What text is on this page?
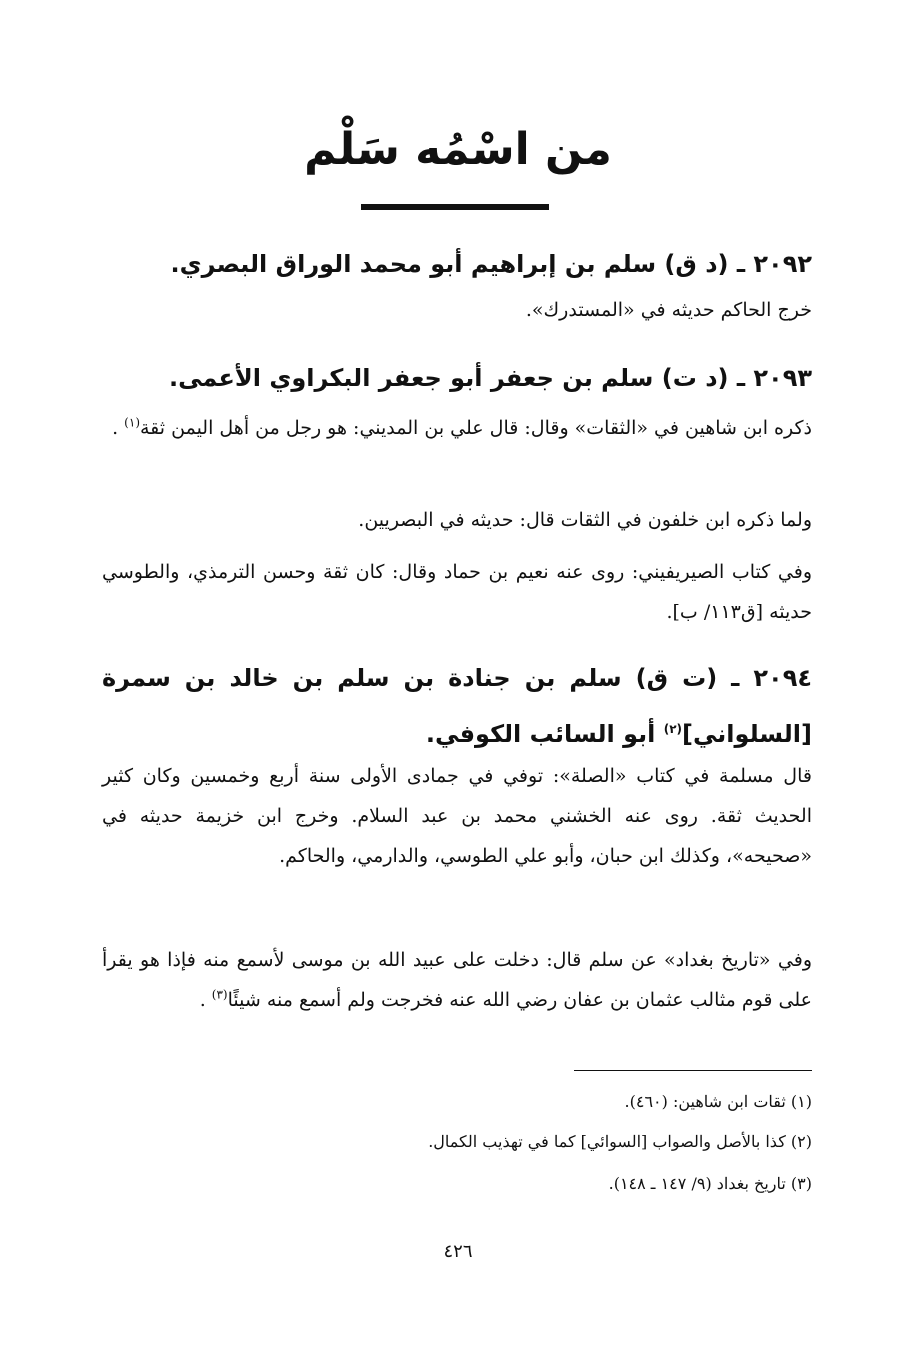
من اسْمُه سَلْم
٢٠٩٢ ـ (د ق) سلم بن إبراهيم أبو محمد الوراق البصري.
خرج الحاكم حديثه في «المستدرك».
٢٠٩٣ ـ (د ت) سلم بن جعفر أبو جعفر البكراوي الأعمى.
ذكره ابن شاهين في «الثقات» وقال: قال علي بن المديني: هو رجل من أهل اليمن ثقة$^{(١)}$ .
ولما ذكره ابن خلفون في الثقات قال: حديثه في البصريين.
وفي كتاب الصيريفيني: روى عنه نعيم بن حماد وقال: كان ثقة وحسن الترمذي، والطوسي حديثه [ق١١٣/ ب].
٢٠٩٤ ـ (ت ق) سلم بن جنادة بن سلم بن خالد بن سمرة [السلواني]$^{(٢)}$ أبو السائب الكوفي.
قال مسلمة في كتاب «الصلة»: توفي في جمادى الأولى سنة أربع وخمسين وكان كثير الحديث ثقة. روى عنه الخشني محمد بن عبد السلام. وخرج ابن خزيمة حديثه في «صحيحه»، وكذلك ابن حبان، وأبو علي الطوسي، والدارمي، والحاكم.
وفي «تاريخ بغداد» عن سلم قال: دخلت على عبيد الله بن موسى لأسمع منه فإذا هو يقرأ على قوم مثالب عثمان بن عفان رضي الله عنه فخرجت ولم أسمع منه شيئًا$^{(٣)}$ .
(١) ثقات ابن شاهين: (٤٦٠).
(٢) كذا بالأصل والصواب [السوائي] كما في تهذيب الكمال.
(٣) تاريخ بغداد (٩/ ١٤٧ ـ ١٤٨).
٤٢٦
